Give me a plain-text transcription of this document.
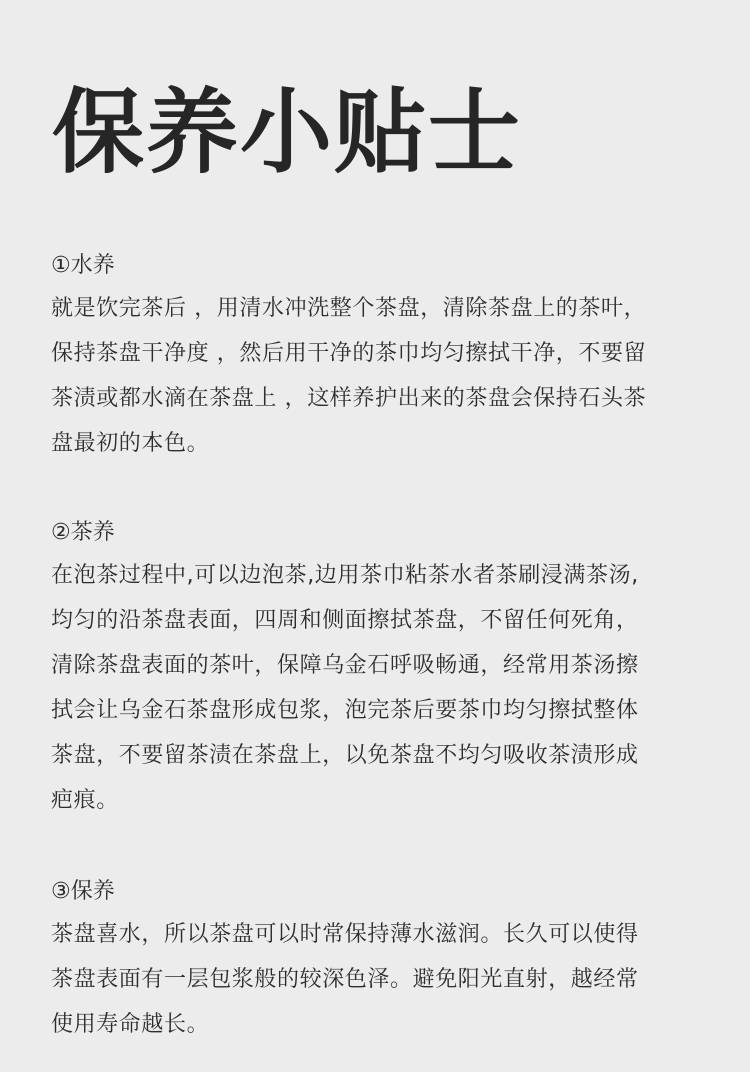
保养小贴士

①水养

就是饮完茶后 ，用清水冲洗整个茶盘，清除茶盘上的茶叶，

保持茶盘干净度 ，然后用干净的茶巾均匀擦拭干净，不要留

茶渍或都水滴在茶盘上 ，这样养护出来的茶盘会保持石头茶

盘最初的本色。

②茶养

在泡茶过程中,可以边泡茶,边用茶巾粘茶水者茶刷浸满茶汤,

均匀的沿茶盘表面，四周和侧面擦拭茶盘，不留任何死角，

清除茶盘表面的茶叶，保障乌金石呼吸畅通，经常用茶汤擦

拭会让乌金石茶盘形成包浆，泡完茶后要茶巾均匀擦拭整体

茶盘，不要留茶渍在茶盘上，以免茶盘不均匀吸收茶渍形成

疤痕。

③保养

茶盘喜水，所以茶盘可以时常保持薄水滋润。长久可以使得

茶盘表面有一层包浆般的较深色泽。避免阳光直射，越经常

使用寿命越长。
